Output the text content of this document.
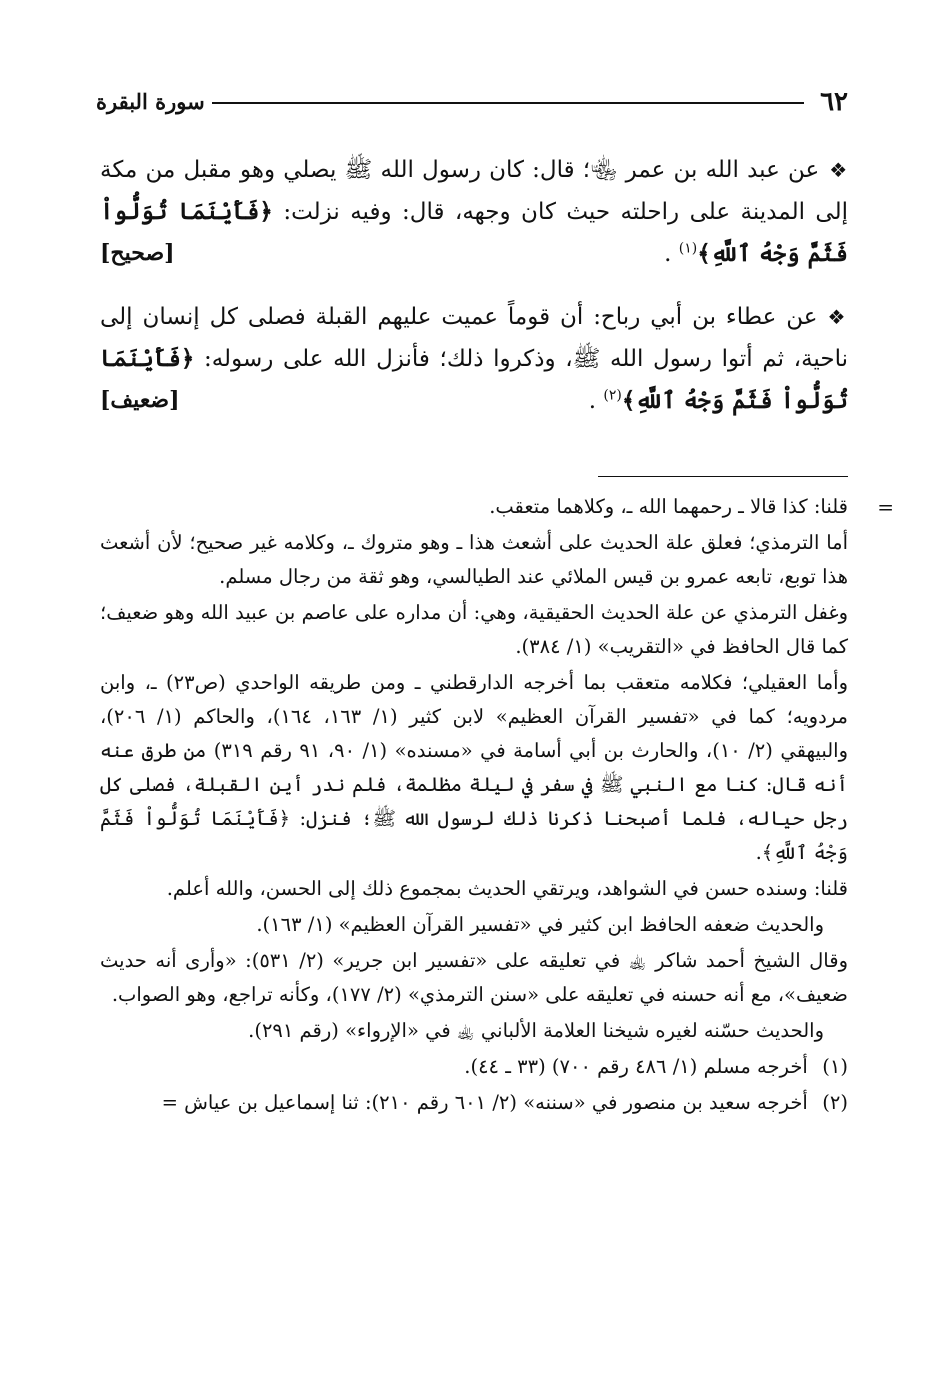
٦٢
سورة البقرة

❖عن عبد الله بن عمر ﵄؛ قال: كان رسول الله ﷺ يصلي وهو مقبل من مكة إلى المدينة على راحلته حيث كان وجهه، قال: وفيه نزلت: ﴿فَأَيْنَمَا تُوَلُّواْ فَثَمَّ وَجْهُ ٱللَّهِ﴾$^{(١)}$ .
[صحيح]

❖عن عطاء بن أبي رباح: أن قوماً عميت عليهم القبلة فصلى كل إنسان إلى ناحية، ثم أتوا رسول الله ﷺ، وذكروا ذلك؛ فأنزل الله على رسوله: ﴿فَأَيْنَمَا تُوَلُّواْ فَثَمَّ وَجْهُ ٱللَّهِ﴾$^{(٢)}$ .
[ضعيف]

=

قلنا: كذا قالا ـ رحمهما الله ـ، وكلاهما متعقب.

أما الترمذي؛ فعلق علة الحديث على أشعث هذا ـ وهو متروك ـ، وكلامه غير صحيح؛ لأن أشعث هذا توبع، تابعه عمرو بن قيس الملائي عند الطيالسي، وهو ثقة من رجال مسلم.

وغفل الترمذي عن علة الحديث الحقيقية، وهي: أن مداره على عاصم بن عبيد الله وهو ضعيف؛ كما قال الحافظ في «التقريب» (١/ ٣٨٤).

وأما العقيلي؛ فكلامه متعقب بما أخرجه الدارقطني ـ ومن طريقه الواحدي (ص٢٣) ـ، وابن مردويه؛ كما في «تفسير القرآن العظيم» لابن كثير (١/ ١٦٣، ١٦٤)، والحاكم (١/ ٢٠٦)، والبيهقي (٢/ ١٠)، والحارث بن أبي أسامة في «مسنده» (١/ ٩٠، ٩١ رقم ٣١٩) من طرق عنه أنه قال: كنا مع النبي ﷺ في سفر في ليلة مظلمة، فلم ندر أين القبلة، فصلى كل رجل حياله، فلما أصبحنا ذكرنا ذلك لرسول الله ﷺ؛ فنزل: ﴿فَأَيْنَمَا تُوَلُّواْ فَثَمَّ وَجْهُ ٱللَّهِ﴾.

قلنا: وسنده حسن في الشواهد، ويرتقي الحديث بمجموع ذلك إلى الحسن، والله أعلم.

والحديث ضعفه الحافظ ابن كثير في «تفسير القرآن العظيم» (١/ ١٦٣).

وقال الشيخ أحمد شاكر ﵀ في تعليقه على «تفسير ابن جرير» (٢/ ٥٣١): «وأرى أنه حديث ضعيف»، مع أنه حسنه في تعليقه على «سنن الترمذي» (٢/ ١٧٧)، وكأنه تراجع، وهو الصواب.

والحديث حسّنه لغيره شيخنا العلامة الألباني ﵀ في «الإرواء» (رقم ٢٩١).

(١) أخرجه مسلم (١/ ٤٨٦ رقم ٧٠٠) (٣٣ ـ ٤٤).

(٢) أخرجه سعيد بن منصور في «سننه» (٢/ ٦٠١ رقم ٢١٠): ثنا إسماعيل بن عياش =
